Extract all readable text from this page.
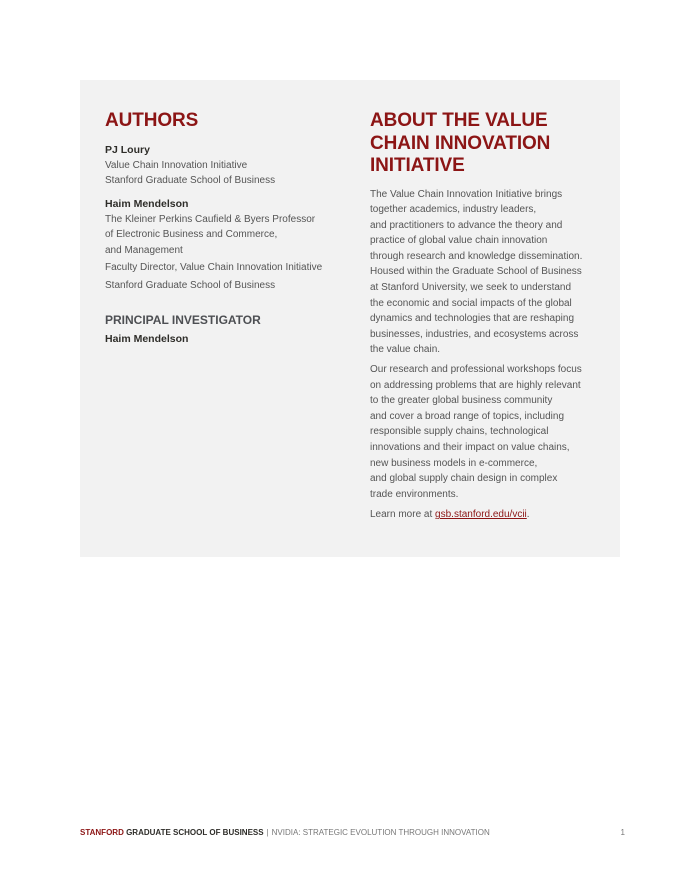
AUTHORS

PJ Loury

Value Chain Innovation Initiative

Stanford Graduate School of Business

Haim Mendelson

The Kleiner Perkins Caufield & Byers Professor

of Electronic Business and Commerce,

and Management

Faculty Director, Value Chain Innovation Initiative

Stanford Graduate School of Business

PRINCIPAL INVESTIGATOR

Haim Mendelson

ABOUT THE VALUE
CHAIN INNOVATION
INITIATIVE

The Value Chain Innovation Initiative brings

together academics, industry leaders,

and practitioners to advance the theory and

practice of global value chain innovation

through research and knowledge dissemination.

Housed within the Graduate School of Business

at Stanford University, we seek to understand

the economic and social impacts of the global

dynamics and technologies that are reshaping

businesses, industries, and ecosystems across

the value chain.

Our research and professional workshops focus

on addressing problems that are highly relevant

to the greater global business community

and cover a broad range of topics, including

responsible supply chains, technological

innovations and their impact on value chains,

new business models in e-commerce,

and global supply chain design in complex

trade environments.

Learn more at gsb.stanford.edu/vcii.

STANFORD GRADUATE SCHOOL OF BUSINESS | NVIDIA: STRATEGIC EVOLUTION THROUGH INNOVATION	1
